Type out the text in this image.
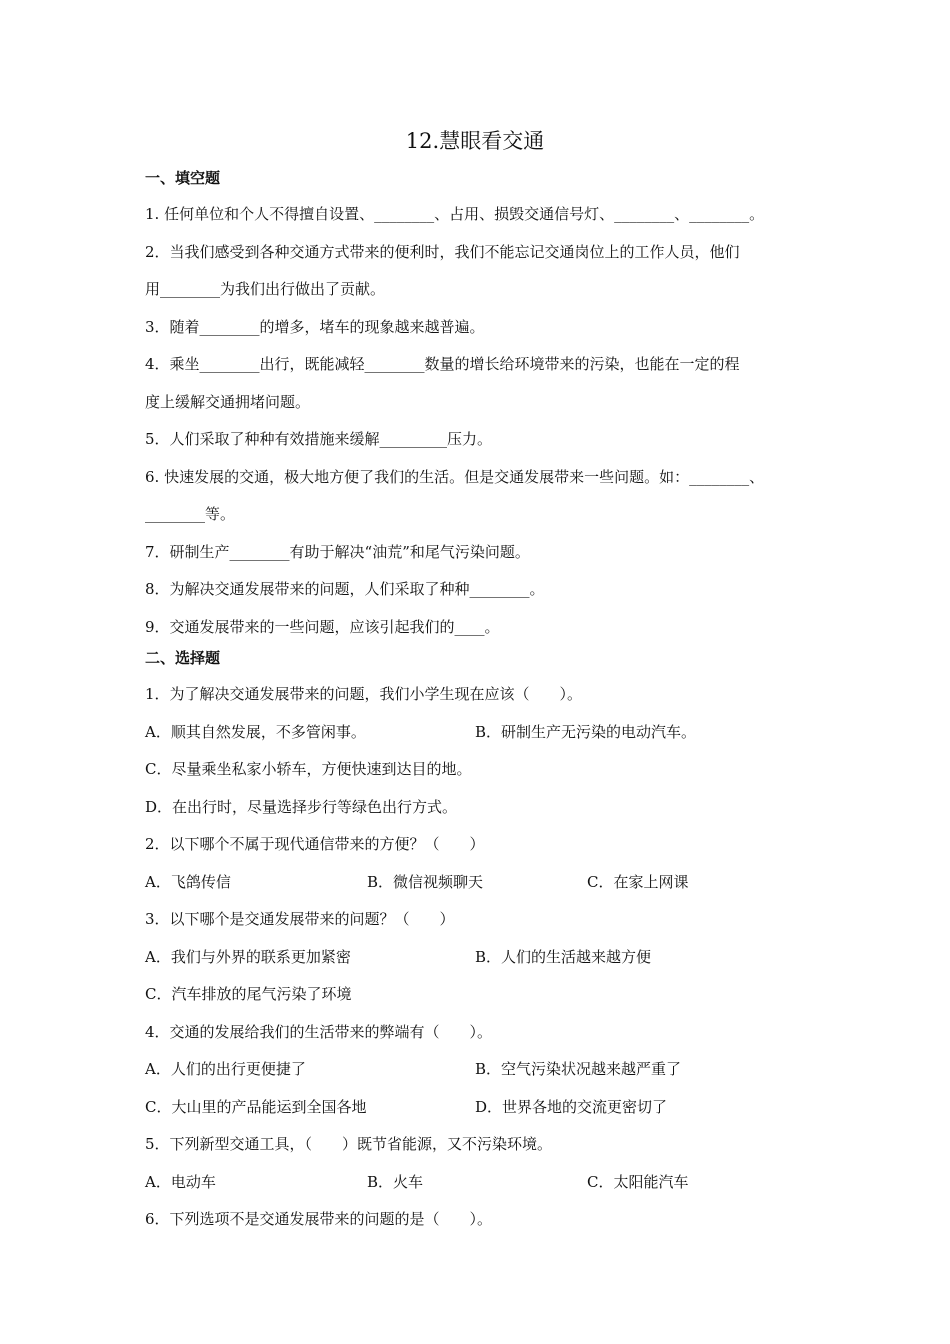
12.慧眼看交通
一、填空题
1. 任何单位和个人不得擅自设置、________、占用、损毁交通信号灯、________、________。
2．当我们感受到各种交通方式带来的便利时，我们不能忘记交通岗位上的工作人员，他们
用________为我们出行做出了贡献。
3．随着________的增多，堵车的现象越来越普遍。
4．乘坐________出行，既能减轻________数量的增长给环境带来的污染，也能在一定的程
度上缓解交通拥堵问题。
5．人们采取了种种有效措施来缓解_________压力。
6. 快速发展的交通，极大地方便了我们的生活。但是交通发展带来一些问题。如：________、
________等。
7．研制生产________有助于解决“油荒”和尾气污染问题。
8．为解决交通发展带来的问题，人们采取了种种________。
9．交通发展带来的一些问题，应该引起我们的____。
二、选择题
1．为了解决交通发展带来的问题，我们小学生现在应该（　　）。
A．顺其自然发展，不多管闲事。	B．研制生产无污染的电动汽车。
C．尽量乘坐私家小轿车，方便快速到达目的地。
D．在出行时，尽量选择步行等绿色出行方式。
2．以下哪个不属于现代通信带来的方便？（　　）
A．飞鸽传信	B．微信视频聊天	C．在家上网课
3．以下哪个是交通发展带来的问题？（　　）
A．我们与外界的联系更加紧密	B．人们的生活越来越方便
C．汽车排放的尾气污染了环境
4．交通的发展给我们的生活带来的弊端有（　　）。
A．人们的出行更便捷了	B．空气污染状况越来越严重了
C．大山里的产品能运到全国各地	D．世界各地的交流更密切了
5．下列新型交通工具，（　　）既节省能源，又不污染环境。
A．电动车	B．火车	C．太阳能汽车
6．下列选项不是交通发展带来的问题的是（　　）。
